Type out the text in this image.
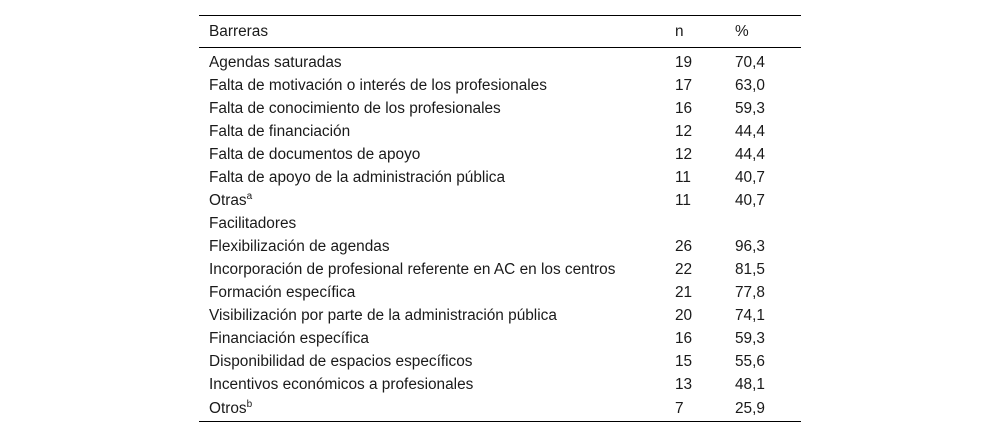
Barreras	n	%
Agendas saturadas	19	70,4
Falta de motivación o interés de los profesionales	17	63,0
Falta de conocimiento de los profesionales	16	59,3
Falta de financiación	12	44,4
Falta de documentos de apoyo	12	44,4
Falta de apoyo de la administración pública	11	40,7
Otras$^a$	11	40,7
Facilitadores		
Flexibilización de agendas	26	96,3
Incorporación de profesional referente en AC en los centros	22	81,5
Formación específica	21	77,8
Visibilización por parte de la administración pública	20	74,1
Financiación específica	16	59,3
Disponibilidad de espacios específicos	15	55,6
Incentivos económicos a profesionales	13	48,1
Otros$^b$	7	25,9
